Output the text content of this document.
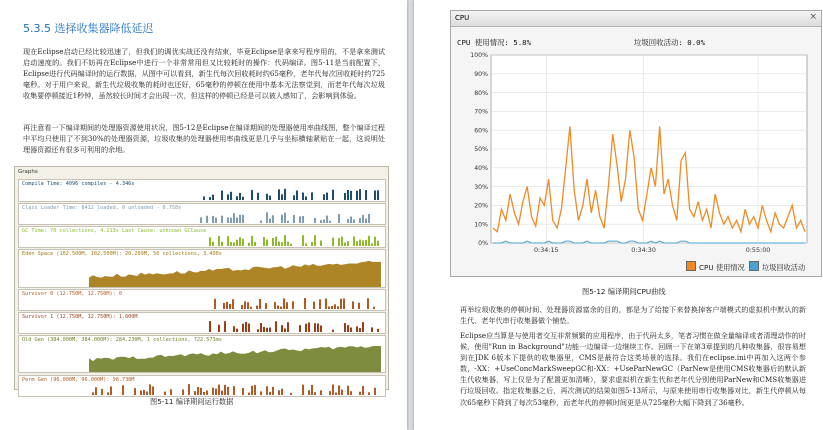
5.3.5 选择收集器降低延迟

现在Eclipse启动已经比较迅速了，但我们的调优实战还没有结束，毕竟Eclipse是拿来写程序用的，不是拿来测试启动速度的。我们不妨再在Eclipse中进行一个非常常用但又比较耗时的操作：代码编译。图5-11是当前配置下，Eclipse进行代码编译时的运行数据，从图中可以看到，新生代每次回收耗时约65毫秒，老年代每次回收耗时约725毫秒。对于用户来说，新生代垃圾收集的耗时也还好，65毫秒的停顿在使用中基本无法察觉到，而老年代每次垃圾收集要停顿接近1秒钟，虽然较长时间才会出现一次，但这样的停顿已经是可以被人感知了，会影响到体验。

再注意看一下编译期间的处理器资源使用状况，图5-12是Eclipse在编译期间的处理器使用率曲线图，整个编译过程中平均只使用了不到30%的处理器资源，垃圾收集的处理器使用率曲线更是几乎与坐标横轴紧贴在一起，这说明处理器资源还有很多可利用的余地。

Graphs
Compile Time: 4096 compiles - 4.346s
Class Loader Time: 8412 loaded, 0 unloaded - 0.758s
GC Time: 70 collections, 4.213s Last Cause: unknown GCCause
Eden Space (102.500M, 102.500M): 20.289M, 56 collections, 3.490s
Survivor 0 (12.750M, 12.750M): 0
Survivor 1 (12.750M, 12.750M): 1.600M
Old Gen (384.000M, 384.000M): 284.230M, 1 collections, 722.573ms
Perm Gen (96.000M, 96.000M): 98.738M
图5-11 编译期间运行数据
CPU	×
CPU 使用情况: 5.8%	垃圾回收活动: 0.0%
0%
10%
20%
30%
40%
50%
60%
70%
80%
90%
100%
0:34:15	0:34:30	0:55:00
CPU 使用情况	垃圾回收活动
图5-12 编译期间CPU曲线

再举垃圾收集的停顿时间、处理器资源富余的目的，都是为了给接下来替换掉客户端模式的虚拟机中默认的新生代、老年代串行收集器做个铺垫。

Eclipse应当算是与使用者交互非常频繁的应用程序，由于代码太多，笔者习惯在做全量编译或者清理动作的时候，使用"Run in Background"功能一边编译一边继续工作。回顾一下在第3章提到的几种收集器，很容易想到在JDK 6版本下提供的收集器里，CMS是最符合这类场景的选择。我们在eclipse.ini中再加入这两个参数，-XX：+UseConcMarkSweepGC和-XX：+UseParNewGC（ParNew是使用CMS收集器后的默认新生代收集器，写上仅是为了配置更加清晰），要求虚拟机在新生代和老年代分别使用ParNew和CMS收集器进行垃圾回收。指定收集器之后，再次测试的结果如图5-13所示，与原来使用串行收集器对比，新生代停顿从每次65毫秒下降到了每次53毫秒，而老年代的停顿时间更是从725毫秒大幅下降到了36毫秒。
